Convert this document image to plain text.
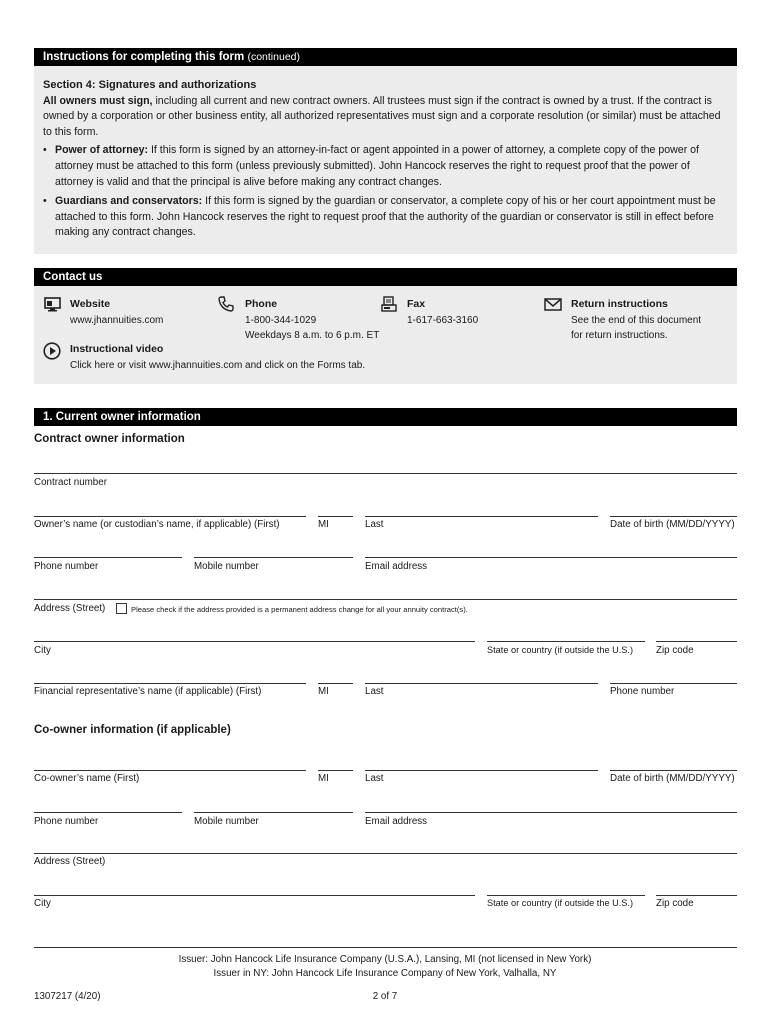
Instructions for completing this form (continued)
Section 4: Signatures and authorizations

All owners must sign, including all current and new contract owners. All trustees must sign if the contract is owned by a trust. If the contract is owned by a corporation or other business entity, all authorized representatives must sign and a corporate resolution (or similar) must be attached to this form.

• Power of attorney: If this form is signed by an attorney-in-fact or agent appointed in a power of attorney, a complete copy of the power of attorney must be attached to this form (unless previously submitted). John Hancock reserves the right to request proof that the power of attorney is valid and that the principal is alive before making any contract changes.
• Guardians and conservators: If this form is signed by the guardian or conservator, a complete copy of his or her court appointment must be attached to this form. John Hancock reserves the right to request proof that the authority of the guardian or conservator is still in effect before making any contract changes.
Contact us
Website
www.jhannuities.com
Phone
1-800-344-1029
Weekdays 8 a.m. to 6 p.m. ET
Fax
1-617-663-3160
Return instructions
See the end of this document
for return instructions.
Instructional video
Click here or visit www.jhannuities.com and click on the Forms tab.
1. Current owner information
Contract owner information
Contract number
Owner’s name (or custodian’s name, if applicable) (First)	MI	Last	Date of birth (MM/DD/YYYY)
Phone number	Mobile number	Email address
Address (Street)	Please check if the address provided is a permanent address change for all your annuity contract(s).
City	State or country (if outside the U.S.) Zip code
Financial representative’s name (if applicable) (First)	MI	Last	Phone number
Co-owner information (if applicable)
Co-owner’s name (First)	MI	Last	Date of birth (MM/DD/YYYY)
Phone number	Mobile number	Email address
Address (Street)
City	State or country (if outside the U.S.) Zip code
Issuer: John Hancock Life Insurance Company (U.S.A.), Lansing, MI (not licensed in New York)
Issuer in NY: John Hancock Life Insurance Company of New York, Valhalla, NY
1307217 (4/20)	2 of 7
